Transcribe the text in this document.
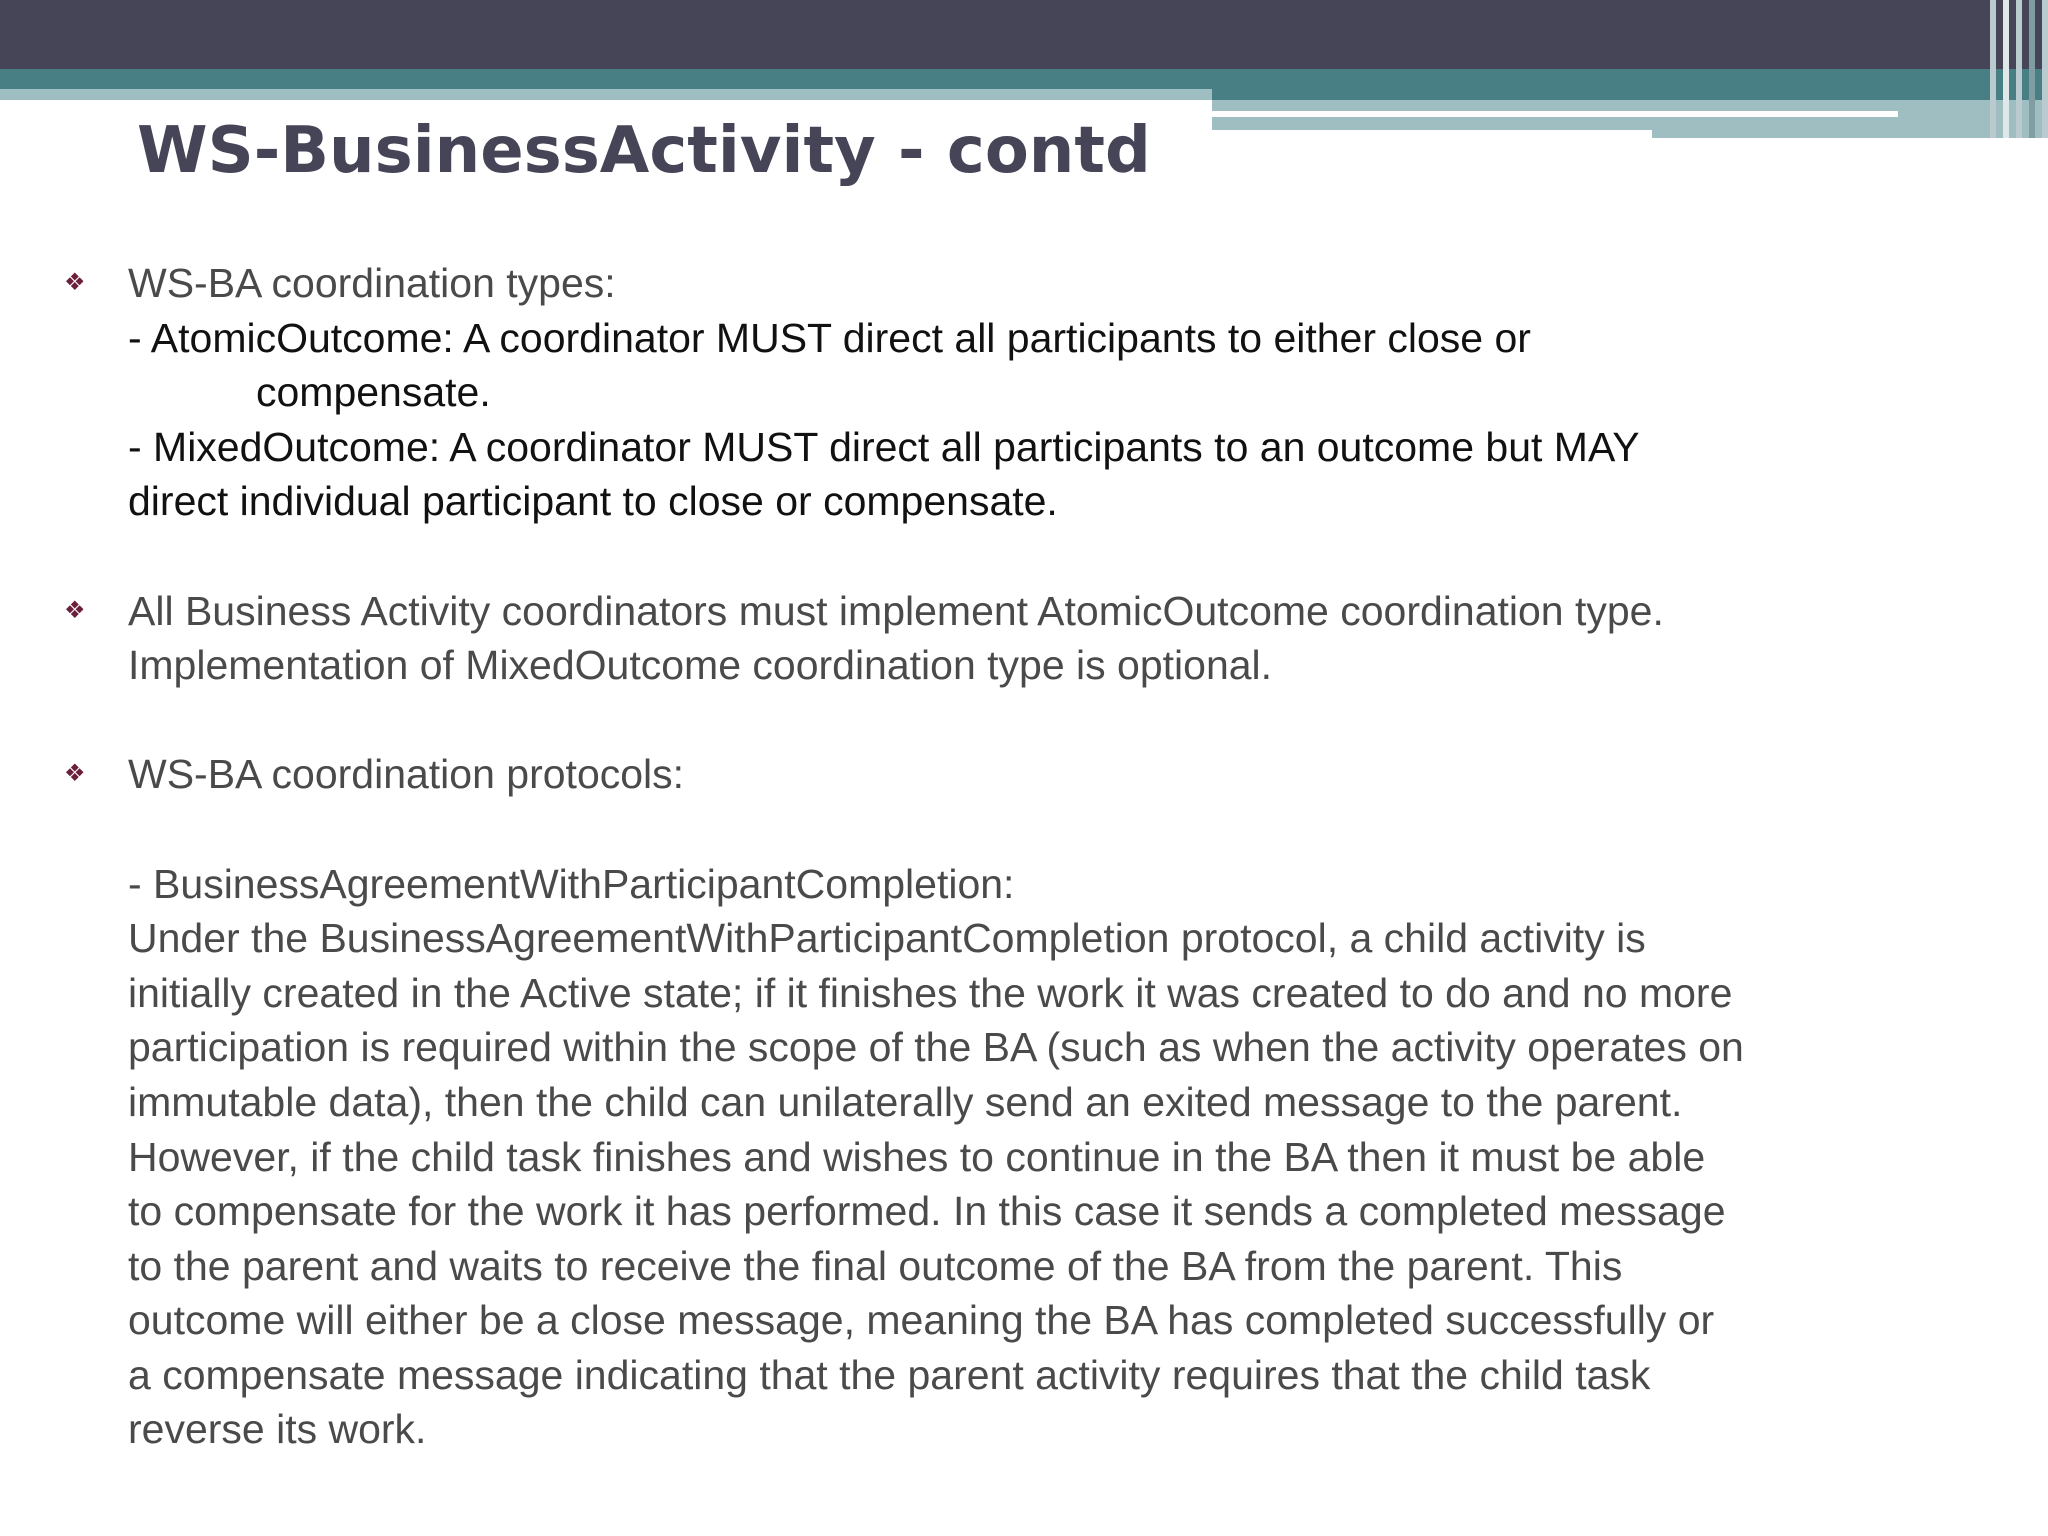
WS-BusinessActivity - contd
❖ WS-BA coordination types:
- AtomicOutcome: A coordinator MUST direct all participants to either close or
compensate.
- MixedOutcome: A coordinator MUST direct all participants to an outcome but MAY
direct individual participant to close or compensate.
❖ All Business Activity coordinators must implement AtomicOutcome coordination type.
Implementation of MixedOutcome coordination type is optional.
❖ WS-BA coordination protocols:
- BusinessAgreementWithParticipantCompletion:
Under the BusinessAgreementWithParticipantCompletion protocol, a child activity is
initially created in the Active state; if it finishes the work it was created to do and no more
participation is required within the scope of the BA (such as when the activity operates on
immutable data), then the child can unilaterally send an exited message to the parent.
However, if the child task finishes and wishes to continue in the BA then it must be able
to compensate for the work it has performed. In this case it sends a completed message
to the parent and waits to receive the final outcome of the BA from the parent. This
outcome will either be a close message, meaning the BA has completed successfully or
a compensate message indicating that the parent activity requires that the child task
reverse its work.
